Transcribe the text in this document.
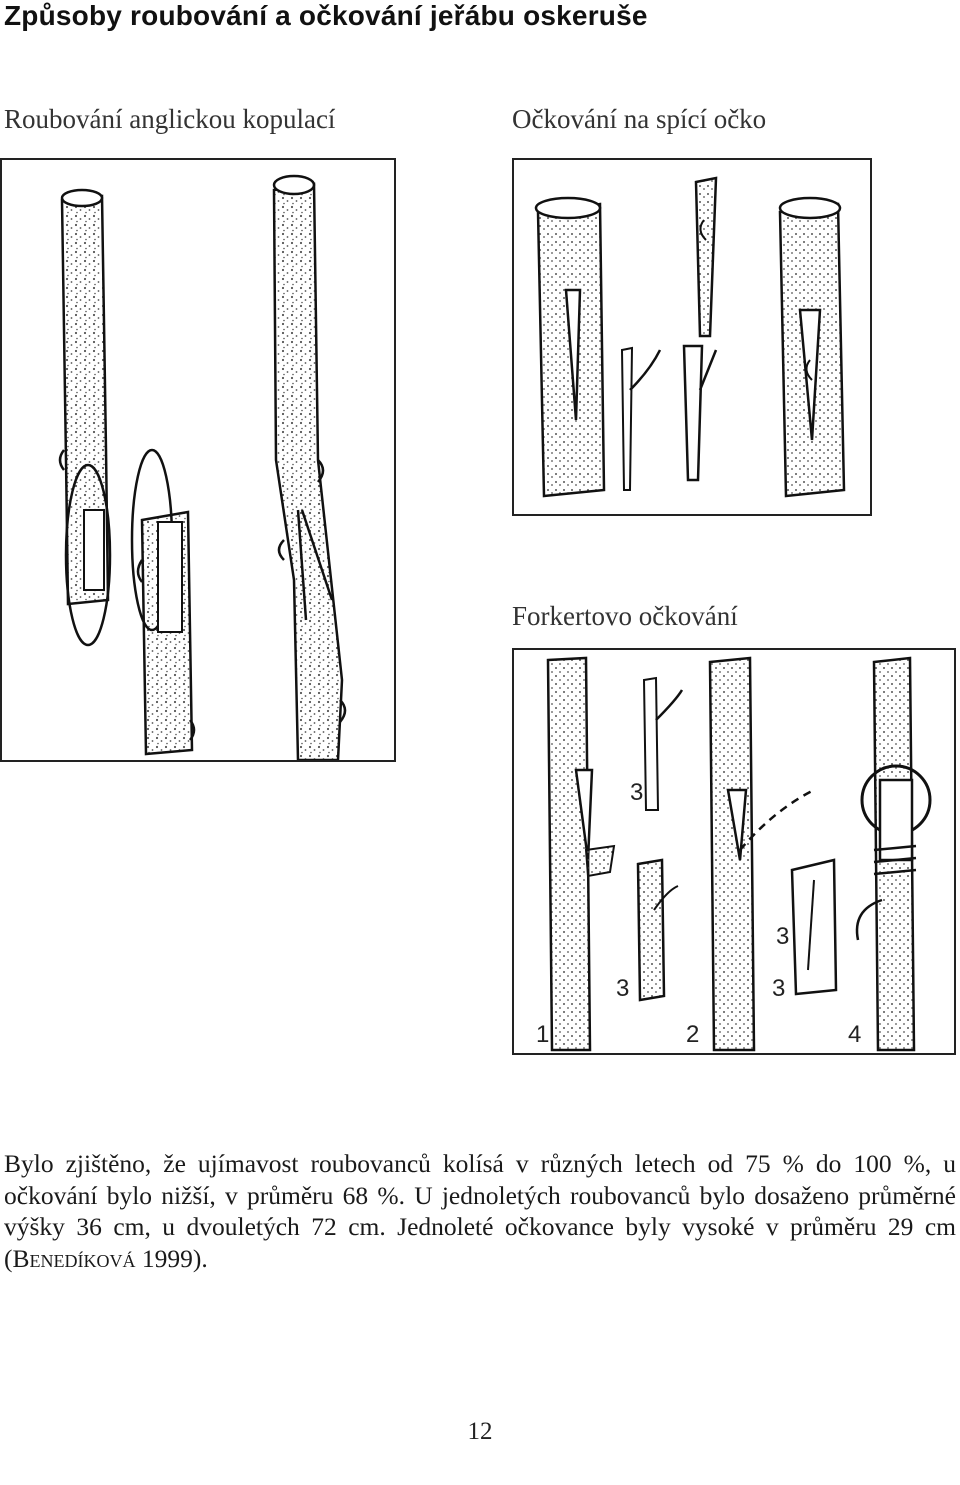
Způsoby roubování a očkování jeřábu oskeruše
Roubování anglickou kopulací	Očkování na spící očko
Forkertovo očkování
1	2
3
3	3
3
4

Bylo zjištěno, že ujímavost roubovanců kolísá v různých letech od 75 % do 100 %, u očkování bylo nižší, v průměru 68 %. U jednoletých roubovanců bylo dosaženo průměrné výšky 36 cm, u dvouletých 72 cm. Jednoleté očkovance byly vysoké v průměru 29 cm (Benedíková 1999).

12
